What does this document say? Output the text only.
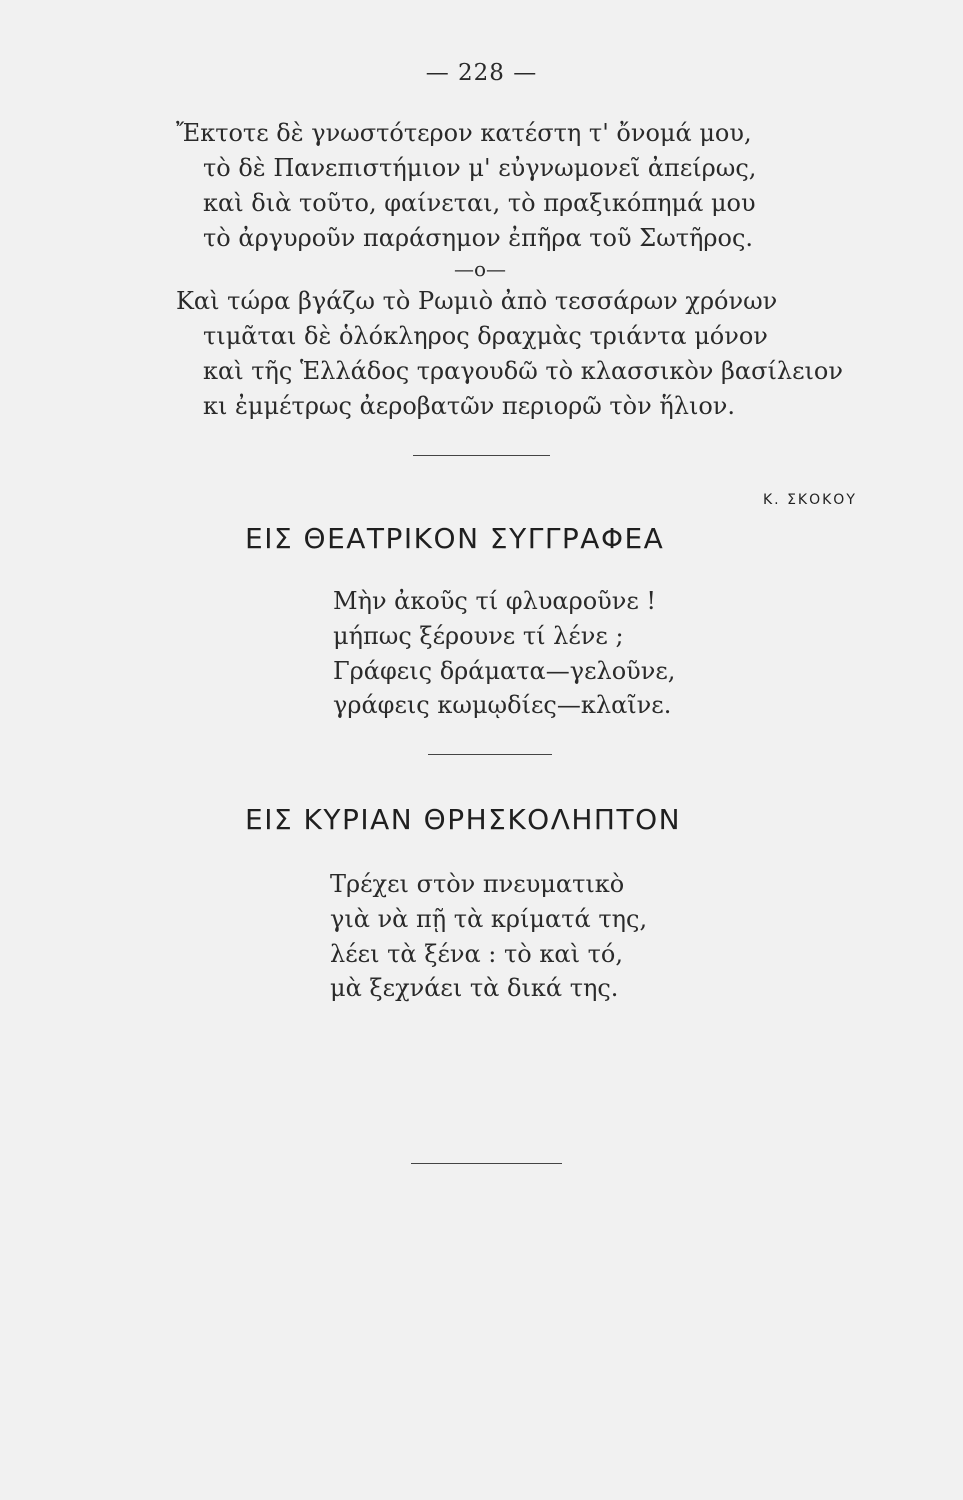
— 228 —
Ἔκτοτε δὲ γνωστότερον κατέστη τ' ὄνομά μου,
τὸ δὲ Πανεπιστήμιον μ' εὐγνωμονεῖ ἀπείρως,
καὶ διὰ τοῦτο, φαίνεται, τὸ πραξικόπημά μου
τὸ ἀργυροῦν παράσημον ἐπῆρα τοῦ Σωτῆρος.
—ο—
Καὶ τώρα βγάζω τὸ Ρωμιὸ ἀπὸ τεσσάρων χρόνων
τιμᾶται δὲ ὁλόκληρος δραχμὰς τριάντα μόνον
καὶ τῆς Ἑλλάδος τραγουδῶ τὸ κλασσικὸν βασίλειον
κι ἐμμέτρως ἀεροβατῶν περιορῶ τὸν ἥλιον.
Κ. ΣΚΟΚΟΥ
ΕΙΣ ΘΕΑΤΡΙΚΟΝ ΣΥΓΓΡΑΦΕΑ
Μὴν ἀκοῦς τί φλυαροῦνε !
μήπως ξέρουνε τί λένε ;
Γράφεις δράματα—γελοῦνε,
γράφεις κωμῳδίες—κλαῖνε.
ΕΙΣ ΚΥΡΙΑΝ ΘΡΗΣΚΟΛΗΠΤΟΝ
Τρέχει στὸν πνευματικὸ
γιὰ νὰ πῇ τὰ κρίματά της,
λέει τὰ ξένα : τὸ καὶ τό,
μὰ ξεχνάει τὰ δικά της.
